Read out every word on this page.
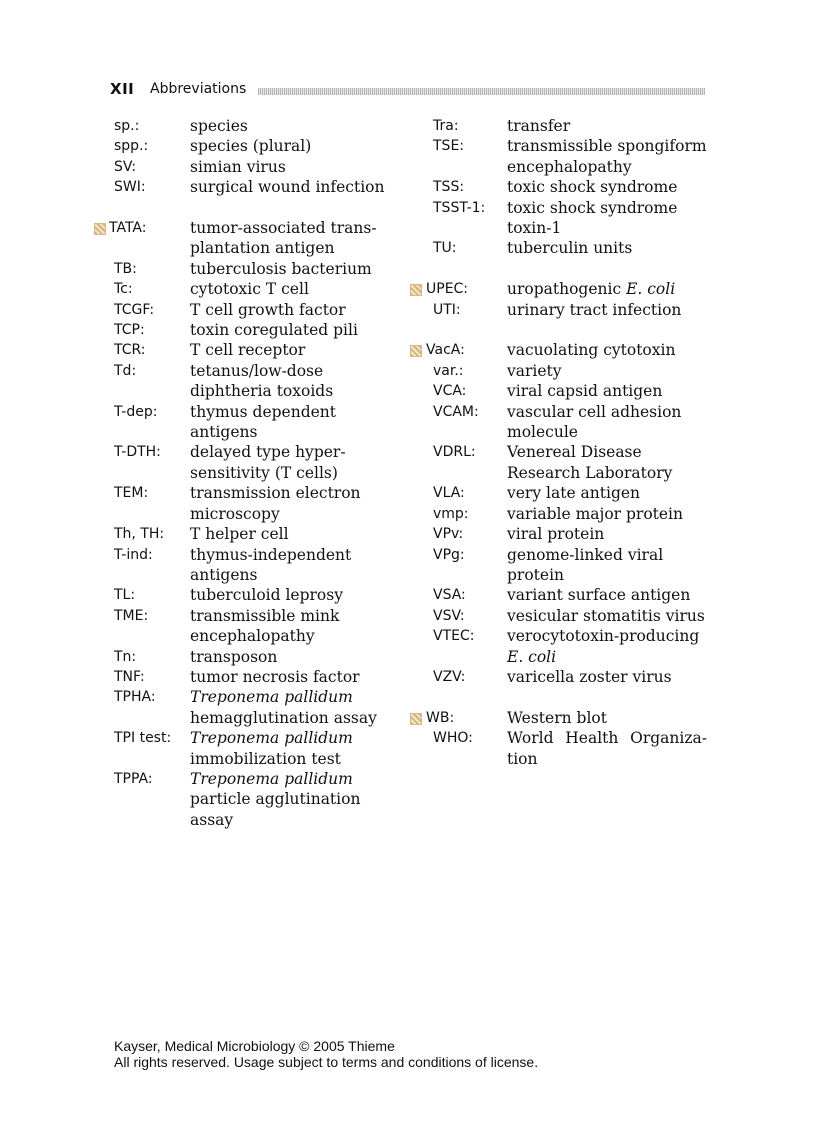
XII Abbreviations
sp.:	species
spp.:	species (plural)
SV:	simian virus
SWI:	surgical wound infection
TATA:	tumor-associated trans-
plantation antigen
TB:	tuberculosis bacterium
Tc:	cytotoxic T cell
TCGF: T cell growth factor
TCP:	toxin coregulated pili
TCR:	T cell receptor
Td:	tetanus/low-dose
diphtheria toxoids
T-dep: thymus dependent
antigens
T-DTH: delayed type hyper-
sensitivity (T cells)
TEM:	transmission electron
microscopy
Th, TH: T helper cell
T-ind: thymus-independent
antigens
TL:	tuberculoid leprosy
TME:	transmissible mink
encephalopathy
Tn:	transposon
TNF:	tumor necrosis factor
TPHA: Treponema pallidum
hemagglutination assay
TPI test: Treponema pallidum
immobilization test
TPPA: Treponema pallidum
particle agglutination
assay
Tra:	transfer
TSE:	transmissible spongiform
encephalopathy
TSS:	toxic shock syndrome
TSST-1: toxic shock syndrome
toxin-1
TU:	tuberculin units
UPEC:	uropathogenic E. coli
UTI:	urinary tract infection
VacA:	vacuolating cytotoxin
var.:	variety
VCA:	viral capsid antigen
VCAM: vascular cell adhesion
molecule
VDRL: Venereal Disease
Research Laboratory
VLA:	very late antigen
vmp: variable major protein
VPv:	viral protein
VPg:	genome-linked viral
protein
VSA:	variant surface antigen
VSV:	vesicular stomatitis virus
VTEC: verocytotoxin-producing
E. coli
VZV:	varicella zoster virus
WB:	Western blot
WHO: World Health Organiza-
tion
Kayser, Medical Microbiology © 2005 Thieme
All rights reserved. Usage subject to terms and conditions of license.
